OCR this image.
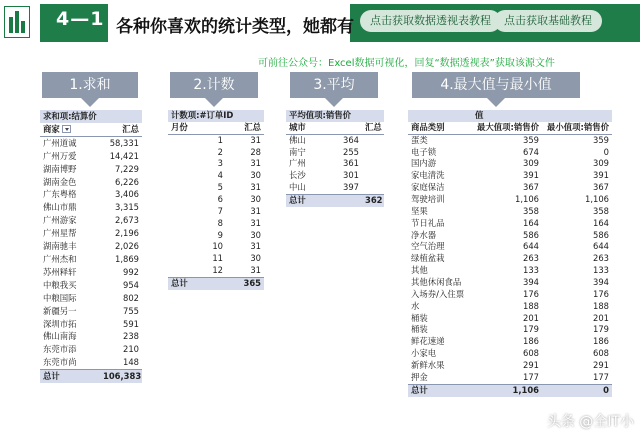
4—1 各种你喜欢的统计类型，她都有	点击获取数据透视表教程	点击获取基础教程
可前往公众号：Excel数据可视化，回复“数据透视表”获取该源文件
1.求和	2.计数	3.平均	4.最大值与最小值
求和项:结算价	
商家	汇总
广州道诚	58,331
广州万爱	14,421
湖南博野	7,229
湖南金色	6,226
广东粤格	3,406
佛山市鼎	3,315
广州游家	2,673
广州星帮	2,196
湖南驰丰	2,026
广州杰和	1,869
苏州释轩	992
中粮我买	954
中粮国际	802
新疆另一	755
深圳市拓	591
佛山南海	238
东莞市添	210
东莞市尚	148
总计	106,383
计数项:#订单ID		
月份		汇总
1		31
2		28
3		31
4		30
5		31
6		30
7		31
8		31
9		30
10		31
11		30
12		31
总计		365
平均值项:销售价		
城市		汇总
佛山	364	
南宁	255	
广州	361	
长沙	301	
中山	397	
总计		362
	值	
商品类别	最大值项:销售价	最小值项:销售价
蛋类	359	359
电子锁	674	0
国内游	309	309
家电清洗	391	391
家庭保洁	367	367
驾驶培训	1,106	1,106
坚果	358	358
节日礼品	164	164
净水器	586	586
空气治理	644	644
绿植盆栽	263	263
其他	133	133
其他休闲食品	394	394
入场券/入住票	176	176
水	188	188
桶装	201	201
桶装	179	179
鲜花速递	186	186
小家电	608	608
新鲜水果	291	291
押金	177	177
总计	1,106	0
头条 @全IT小
